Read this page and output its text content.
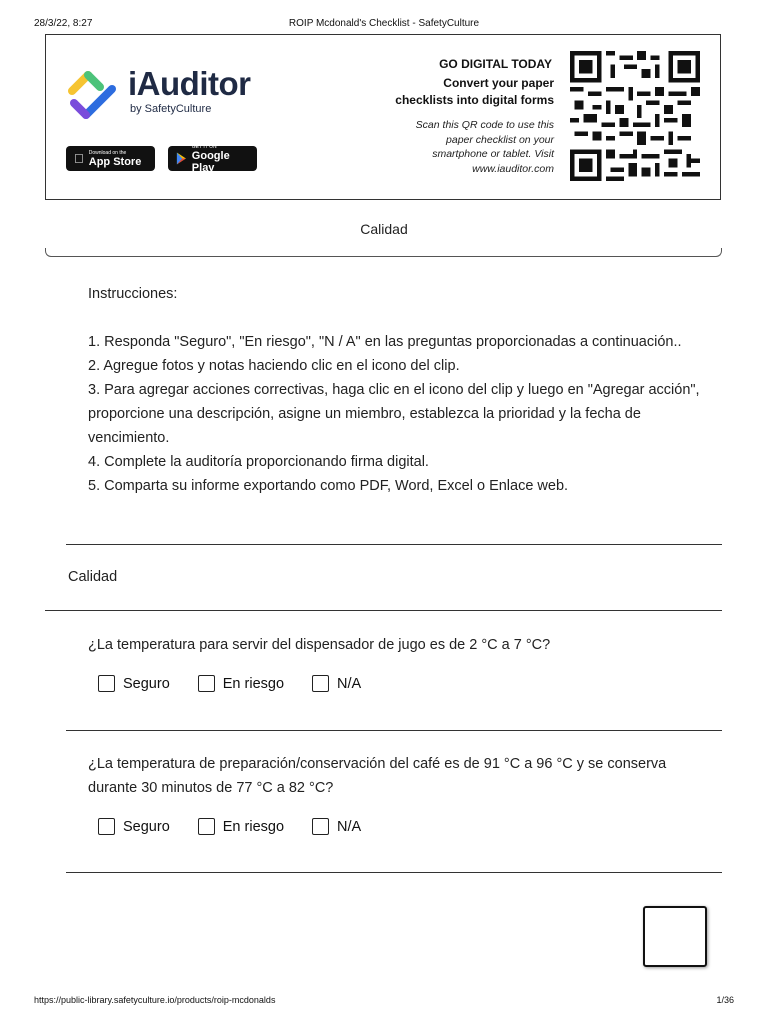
28/3/22, 8:27	ROIP Mcdonald's Checklist - SafetyCulture
iAuditor
by SafetyCulture
Download on the
App Store
GET IT ON
Google Play
GO DIGITAL TODAY
Convert your paper
checklists into digital forms
Scan this QR code to use this
paper checklist on your
smartphone or tablet. Visit
www.iauditor.com
Calidad

Instrucciones:

1. Responda "Seguro", "En riesgo", "N / A" en las preguntas proporcionadas a continuación..

2. Agregue fotos y notas haciendo clic en el icono del clip.

3. Para agregar acciones correctivas, haga clic en el icono del clip y luego en "Agregar acción", proporcione una descripción, asigne un miembro, establezca la prioridad y la fecha de vencimiento.

4. Complete la auditoría proporcionando firma digital.

5. Comparta su informe exportando como PDF, Word, Excel o Enlace web.

Calidad
¿La temperatura para servir del dispensador de jugo es de 2 °C a 7 °C?
Seguro	En riesgo	N/A
¿La temperatura de preparación/conservación del café es de 91 °C a 96 °C y se conserva durante 30 minutos de 77 °C a 82 °C?
Seguro	En riesgo	N/A
https://public-library.safetyculture.io/products/roip-mcdonalds	1/36
